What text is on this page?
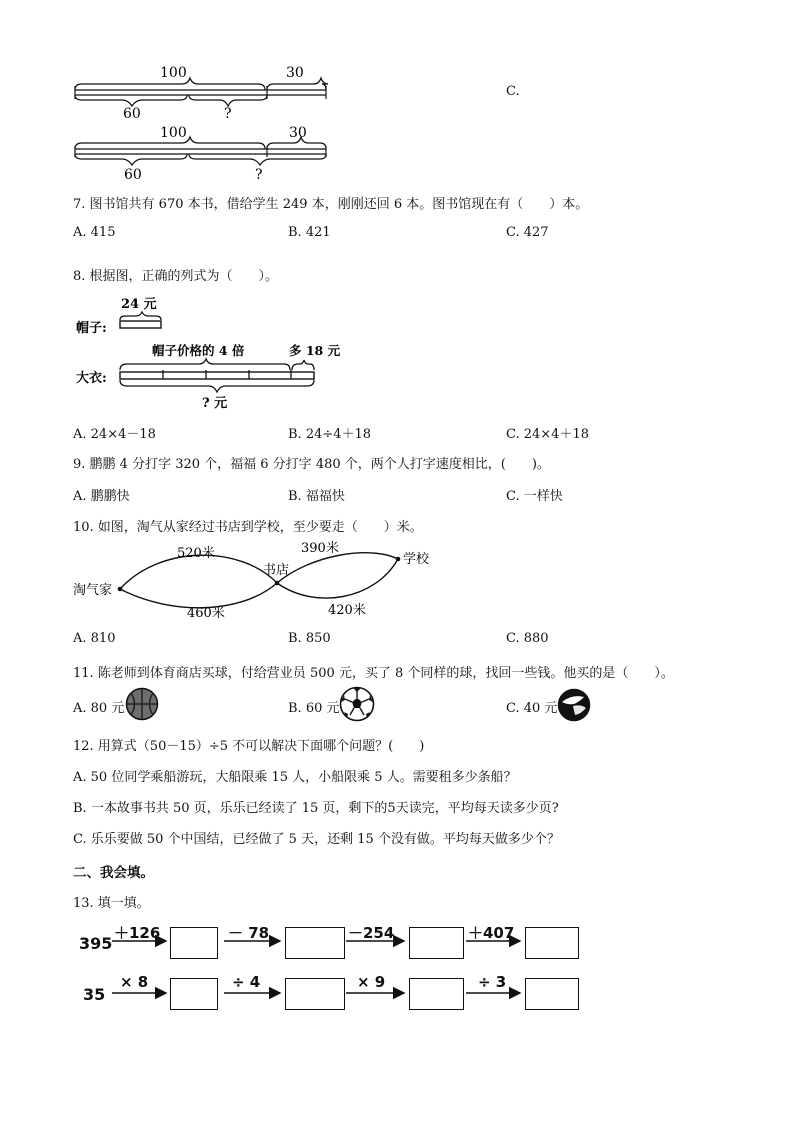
100	30
60	?
C.
100	30
60	?
7. 图书馆共有 670 本书，借给学生 249 本，刚刚还回 6 本。图书馆现在有（　　）本。
A. 415	B. 421	C. 427
8. 根据图，正确的列式为（　　）。
24 元
帽子:
帽子价格的 4 倍	多 18 元
大衣:
? 元
A. 24×4－18	B. 24÷4＋18	C. 24×4＋18
9. 鹏鹏 4 分打字 320 个，福福 6 分打字 480 个，两个人打字速度相比，(　　)。
A. 鹏鹏快	B. 福福快	C. 一样快
10. 如图，淘气从家经过书店到学校，至少要走（　　）米。
淘气家
书店
学校
520米
460米
390米
420米
A. 810	B. 850	C. 880
11. 陈老师到体育商店买球，付给营业员 500 元，买了 8 个同样的球，找回一些钱。他买的是（　　）。
A. 80 元	B. 60 元	C. 40 元
12. 用算式（50－15）÷5 不可以解决下面哪个问题？(　　)
A. 50 位同学乘船游玩，大船限乘 15 人，小船限乘 5 人。需要租多少条船？
B. 一本故事书共 50 页，乐乐已经读了 15 页，剩下的5天读完，平均每天读多少页?
C. 乐乐要做 50 个中国结，已经做了 5 天，还剩 15 个没有做。平均每天做多少个？
二、我会填。
13. 填一填。
395
＋126	－ 78	－254	＋407
35
× 8	÷ 4	× 9	÷ 3
